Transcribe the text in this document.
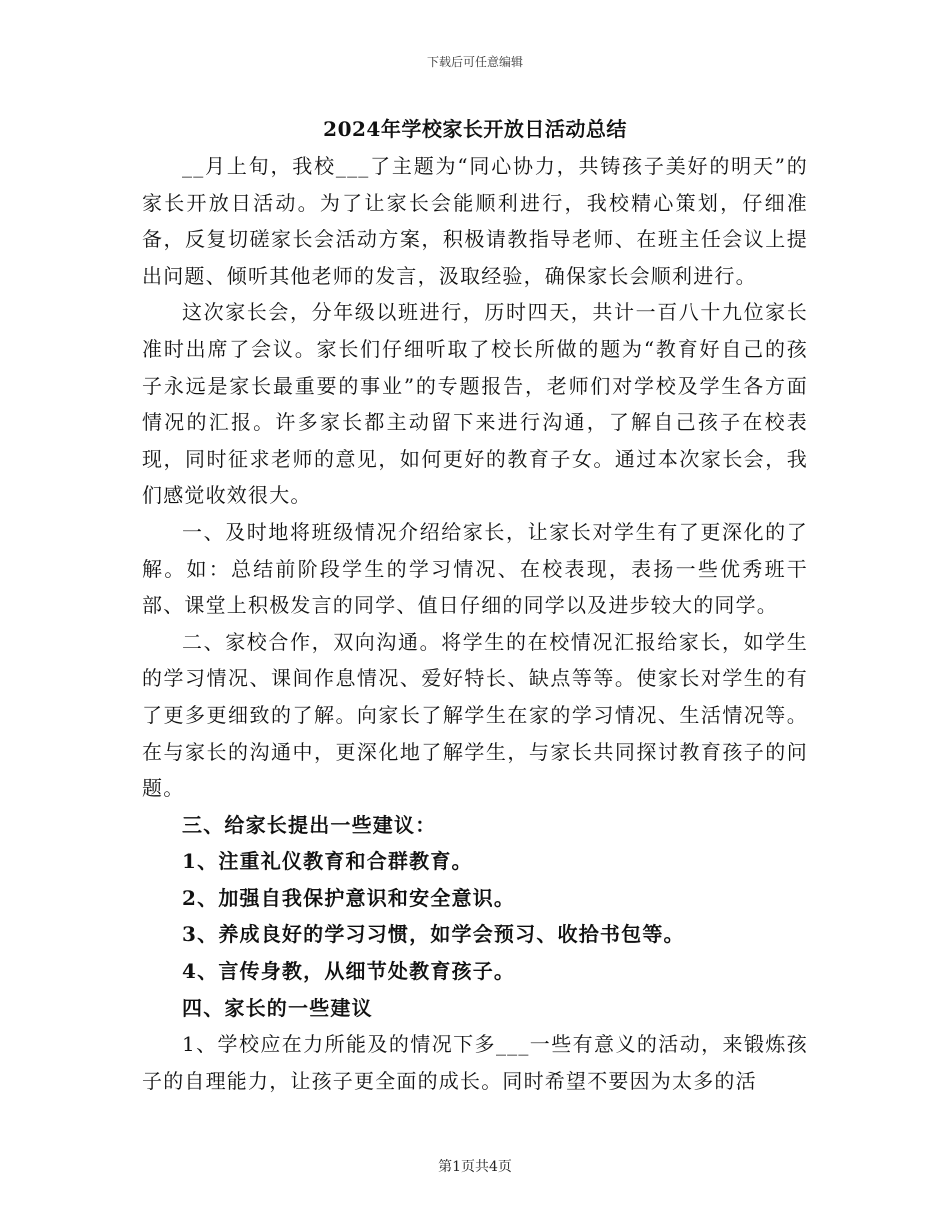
下载后可任意编辑
2024年学校家长开放日活动总结

__月上旬，我校___了主题为“同心协力，共铸孩子美好的明天”的家长开放日活动。为了让家长会能顺利进行，我校精心策划，仔细准备，反复切磋家长会活动方案，积极请教指导老师、在班主任会议上提出问题、倾听其他老师的发言，汲取经验，确保家长会顺利进行。

这次家长会，分年级以班进行，历时四天，共计一百八十九位家长准时出席了会议。家长们仔细听取了校长所做的题为“教育好自己的孩子永远是家长最重要的事业”的专题报告，老师们对学校及学生各方面情况的汇报。许多家长都主动留下来进行沟通，了解自己孩子在校表现，同时征求老师的意见，如何更好的教育子女。通过本次家长会，我们感觉收效很大。

一、及时地将班级情况介绍给家长，让家长对学生有了更深化的了解。如：总结前阶段学生的学习情况、在校表现，表扬一些优秀班干部、课堂上积极发言的同学、值日仔细的同学以及进步较大的同学。

二、家校合作，双向沟通。将学生的在校情况汇报给家长，如学生的学习情况、课间作息情况、爱好特长、缺点等等。使家长对学生的有了更多更细致的了解。向家长了解学生在家的学习情况、生活情况等。在与家长的沟通中，更深化地了解学生，与家长共同探讨教育孩子的问题。

三、给家长提出一些建议：

1、注重礼仪教育和合群教育。

2、加强自我保护意识和安全意识。

3、养成良好的学习习惯，如学会预习、收拾书包等。

4、言传身教，从细节处教育孩子。

四、家长的一些建议

1、学校应在力所能及的情况下多___一些有意义的活动，来锻炼孩子的自理能力，让孩子更全面的成长。同时希望不要因为太多的活

第1页共4页
